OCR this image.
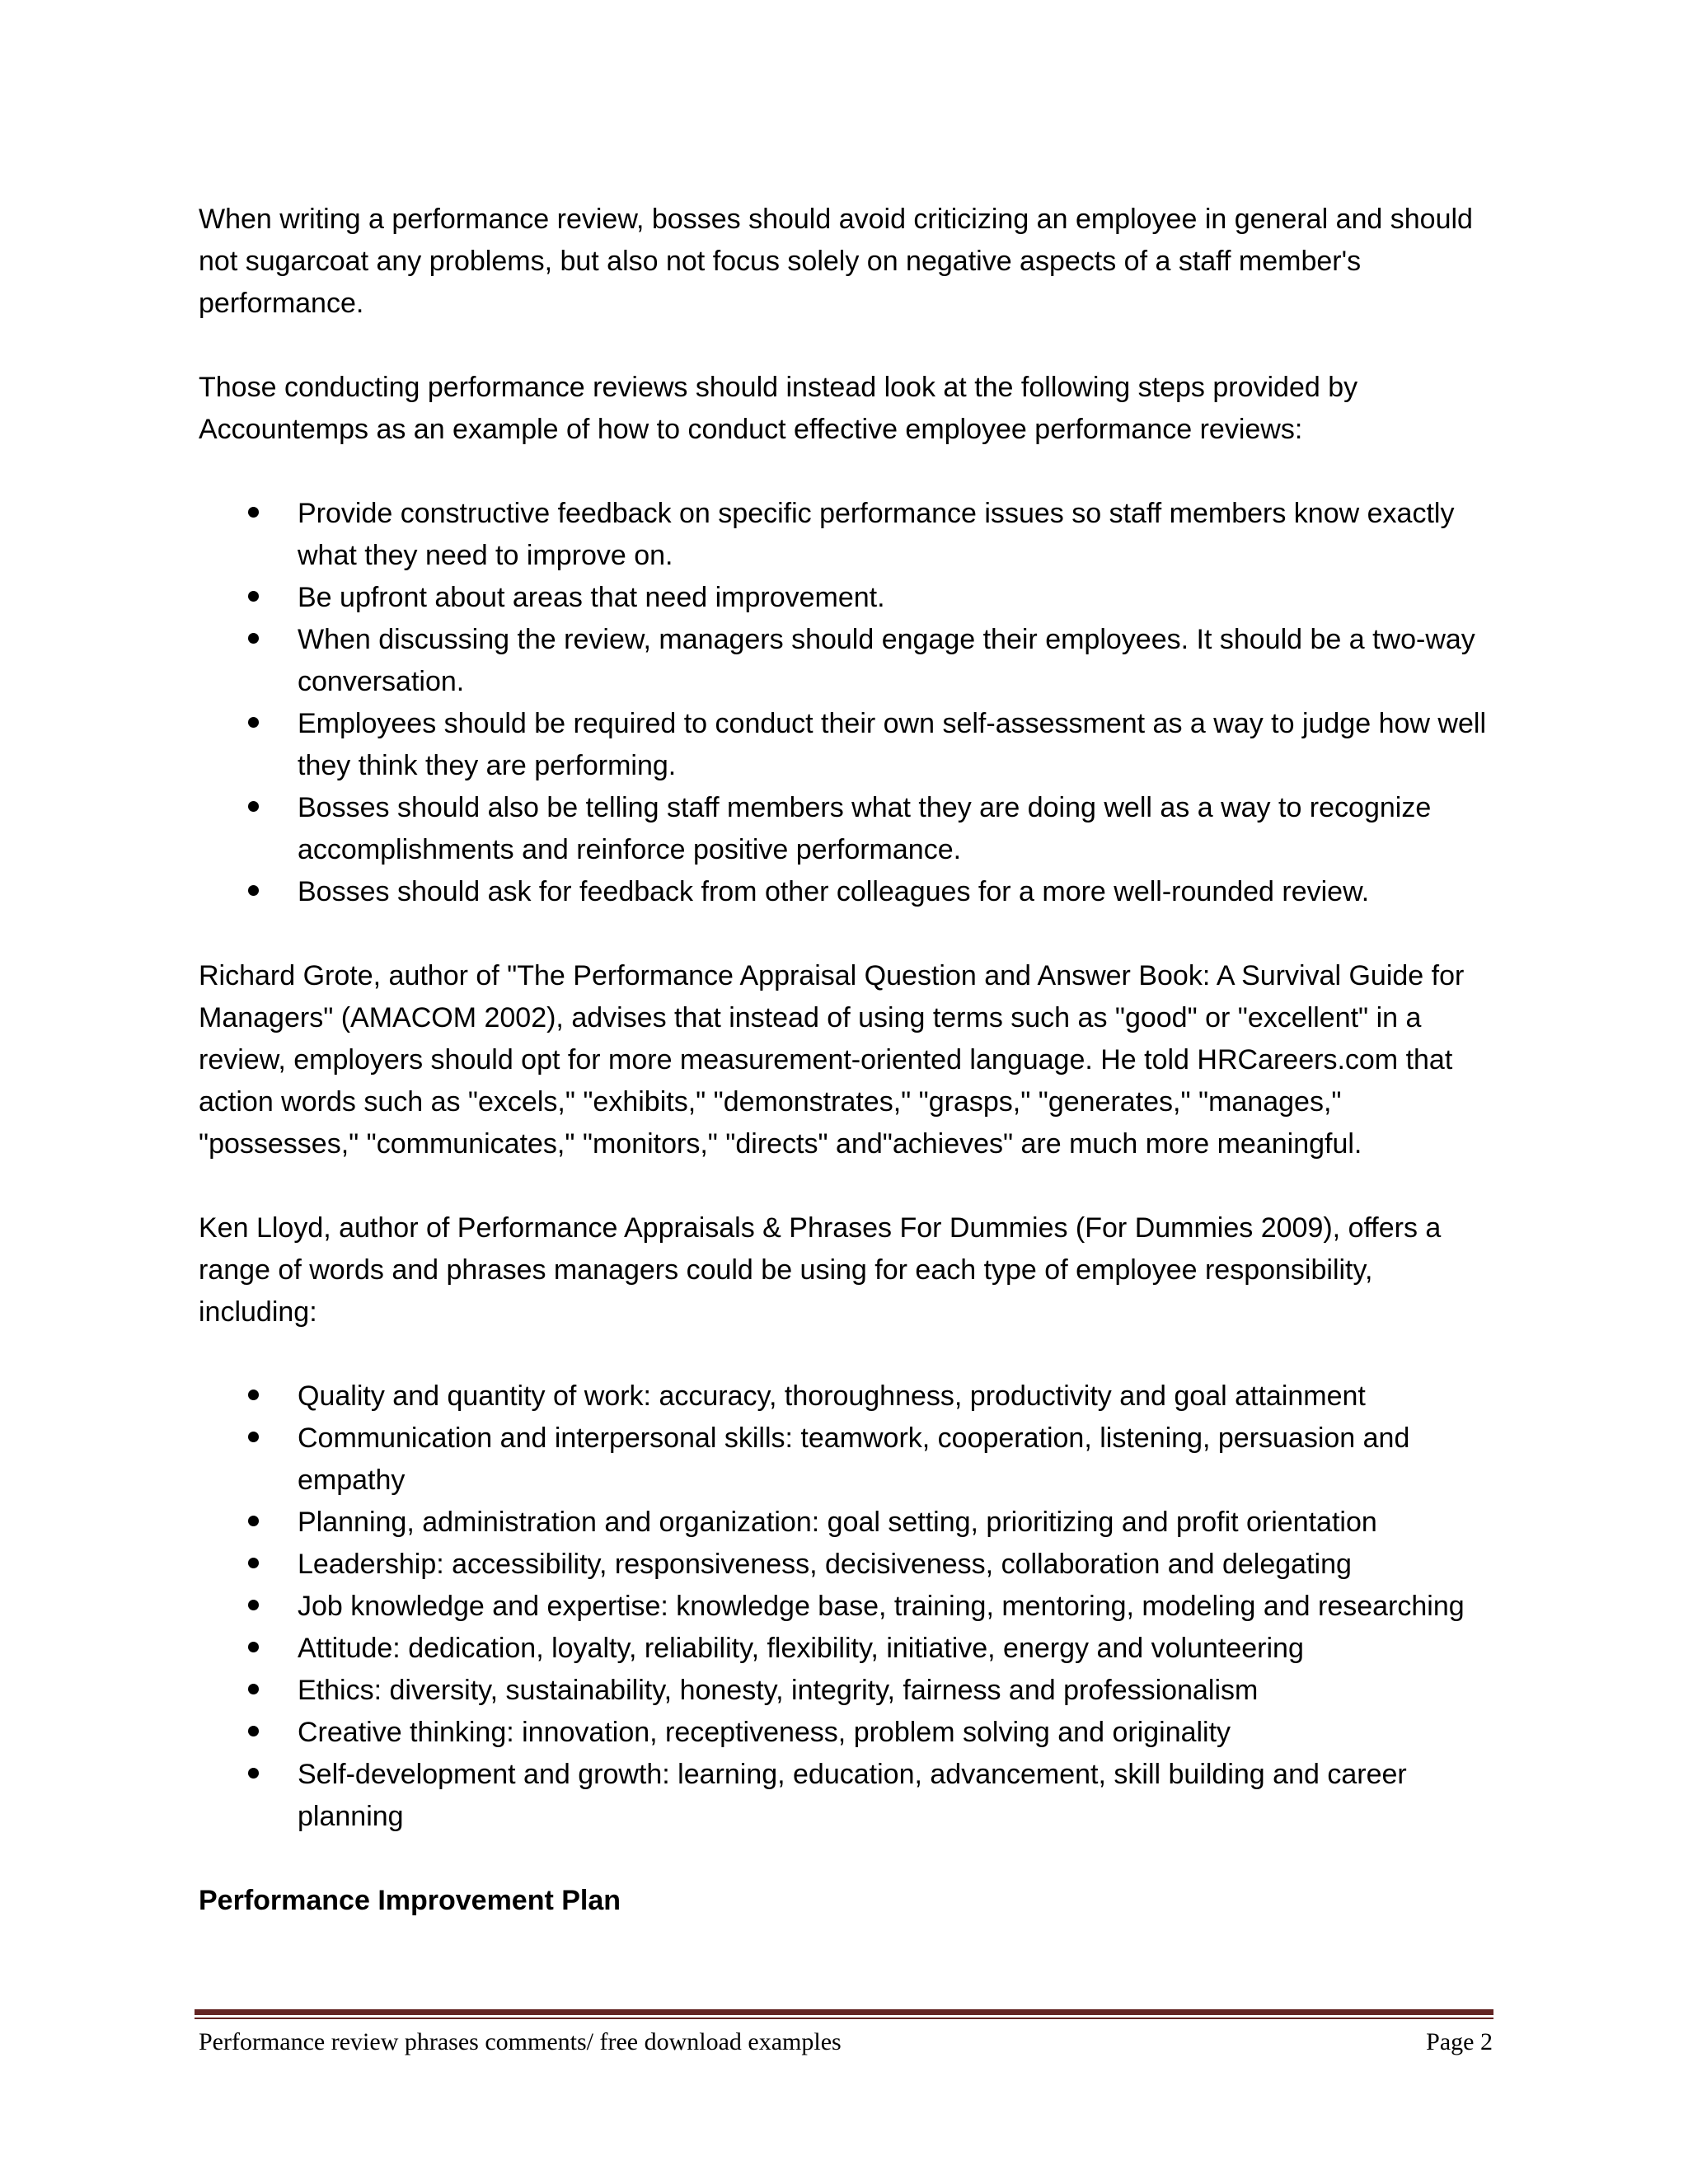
When writing a performance review, bosses should avoid criticizing an employee in general and should not sugarcoat any problems, but also not focus solely on negative aspects of a staff member's performance.

Those conducting performance reviews should instead look at the following steps provided by Accountemps as an example of how to conduct effective employee performance reviews:

Provide constructive feedback on specific performance issues so staff members know exactly what they need to improve on.
Be upfront about areas that need improvement.
When discussing the review, managers should engage their employees. It should be a two-way conversation.
Employees should be required to conduct their own self-assessment as a way to judge how well they think they are performing.
Bosses should also be telling staff members what they are doing well as a way to recognize accomplishments and reinforce positive performance.
Bosses should ask for feedback from other colleagues for a more well-rounded review.

Richard Grote, author of "The Performance Appraisal Question and Answer Book: A Survival Guide for Managers" (AMACOM 2002), advises that instead of using terms such as "good" or "excellent" in a review, employers should opt for more measurement-oriented language. He told HRCareers.com that action words such as "excels," "exhibits," "demonstrates," "grasps," "generates," "manages," "possesses," "communicates," "monitors," "directs" and"achieves" are much more meaningful.

Ken Lloyd, author of Performance Appraisals & Phrases For Dummies (For Dummies 2009), offers a range of words and phrases managers could be using for each type of employee responsibility, including:

Quality and quantity of work: accuracy, thoroughness, productivity and goal attainment
Communication and interpersonal skills: teamwork, cooperation, listening, persuasion and empathy
Planning, administration and organization: goal setting, prioritizing and profit orientation
Leadership: accessibility, responsiveness, decisiveness, collaboration and delegating
Job knowledge and expertise: knowledge base, training, mentoring, modeling and researching
Attitude: dedication, loyalty, reliability, flexibility, initiative, energy and volunteering
Ethics: diversity, sustainability, honesty, integrity, fairness and professionalism
Creative thinking: innovation, receptiveness, problem solving and originality
Self-development and growth: learning, education, advancement, skill building and career planning

Performance Improvement Plan

Performance review phrases comments/ free download examples	Page 2
